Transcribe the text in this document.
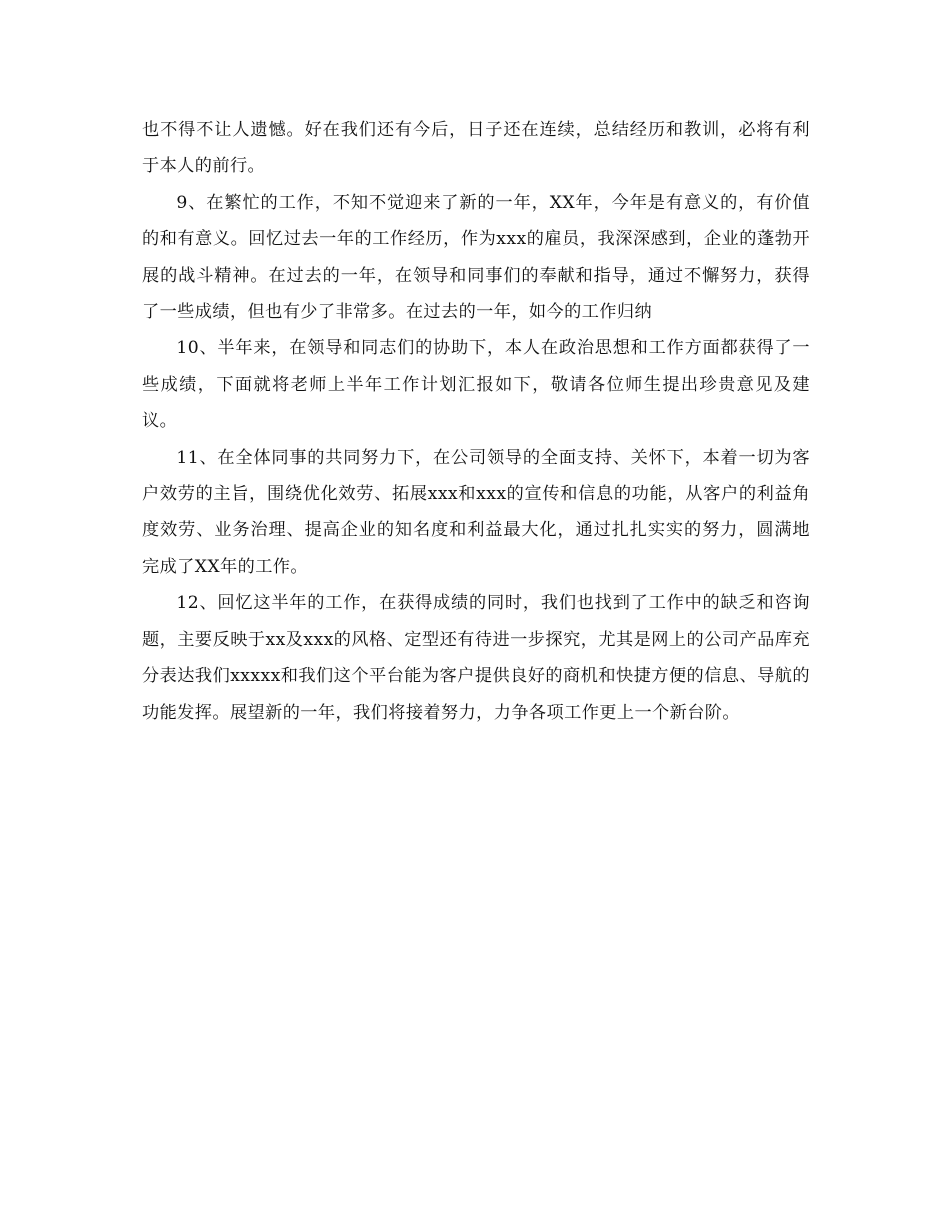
也不得不让人遗憾。好在我们还有今后，日子还在连续，总结经历和教训，必将有利于本人的前行。

9、在繁忙的工作，不知不觉迎来了新的一年，XX年，今年是有意义的，有价值的和有意义。回忆过去一年的工作经历，作为xxx的雇员，我深深感到，企业的蓬勃开展的战斗精神。在过去的一年，在领导和同事们的奉献和指导，通过不懈努力，获得了一些成绩，但也有少了非常多。在过去的一年，如今的工作归纳

10、半年来，在领导和同志们的协助下，本人在政治思想和工作方面都获得了一些成绩，下面就将老师上半年工作计划汇报如下，敬请各位师生提出珍贵意见及建议。

11、在全体同事的共同努力下，在公司领导的全面支持、关怀下，本着一切为客户效劳的主旨，围绕优化效劳、拓展xxx和xxx的宣传和信息的功能，从客户的利益角度效劳、业务治理、提高企业的知名度和利益最大化，通过扎扎实实的努力，圆满地完成了XX年的工作。

12、回忆这半年的工作，在获得成绩的同时，我们也找到了工作中的缺乏和咨询题，主要反映于xx及xxx的风格、定型还有待进一步探究，尤其是网上的公司产品库充分表达我们xxxxx和我们这个平台能为客户提供良好的商机和快捷方便的信息、导航的功能发挥。展望新的一年，我们将接着努力，力争各项工作更上一个新台阶。
